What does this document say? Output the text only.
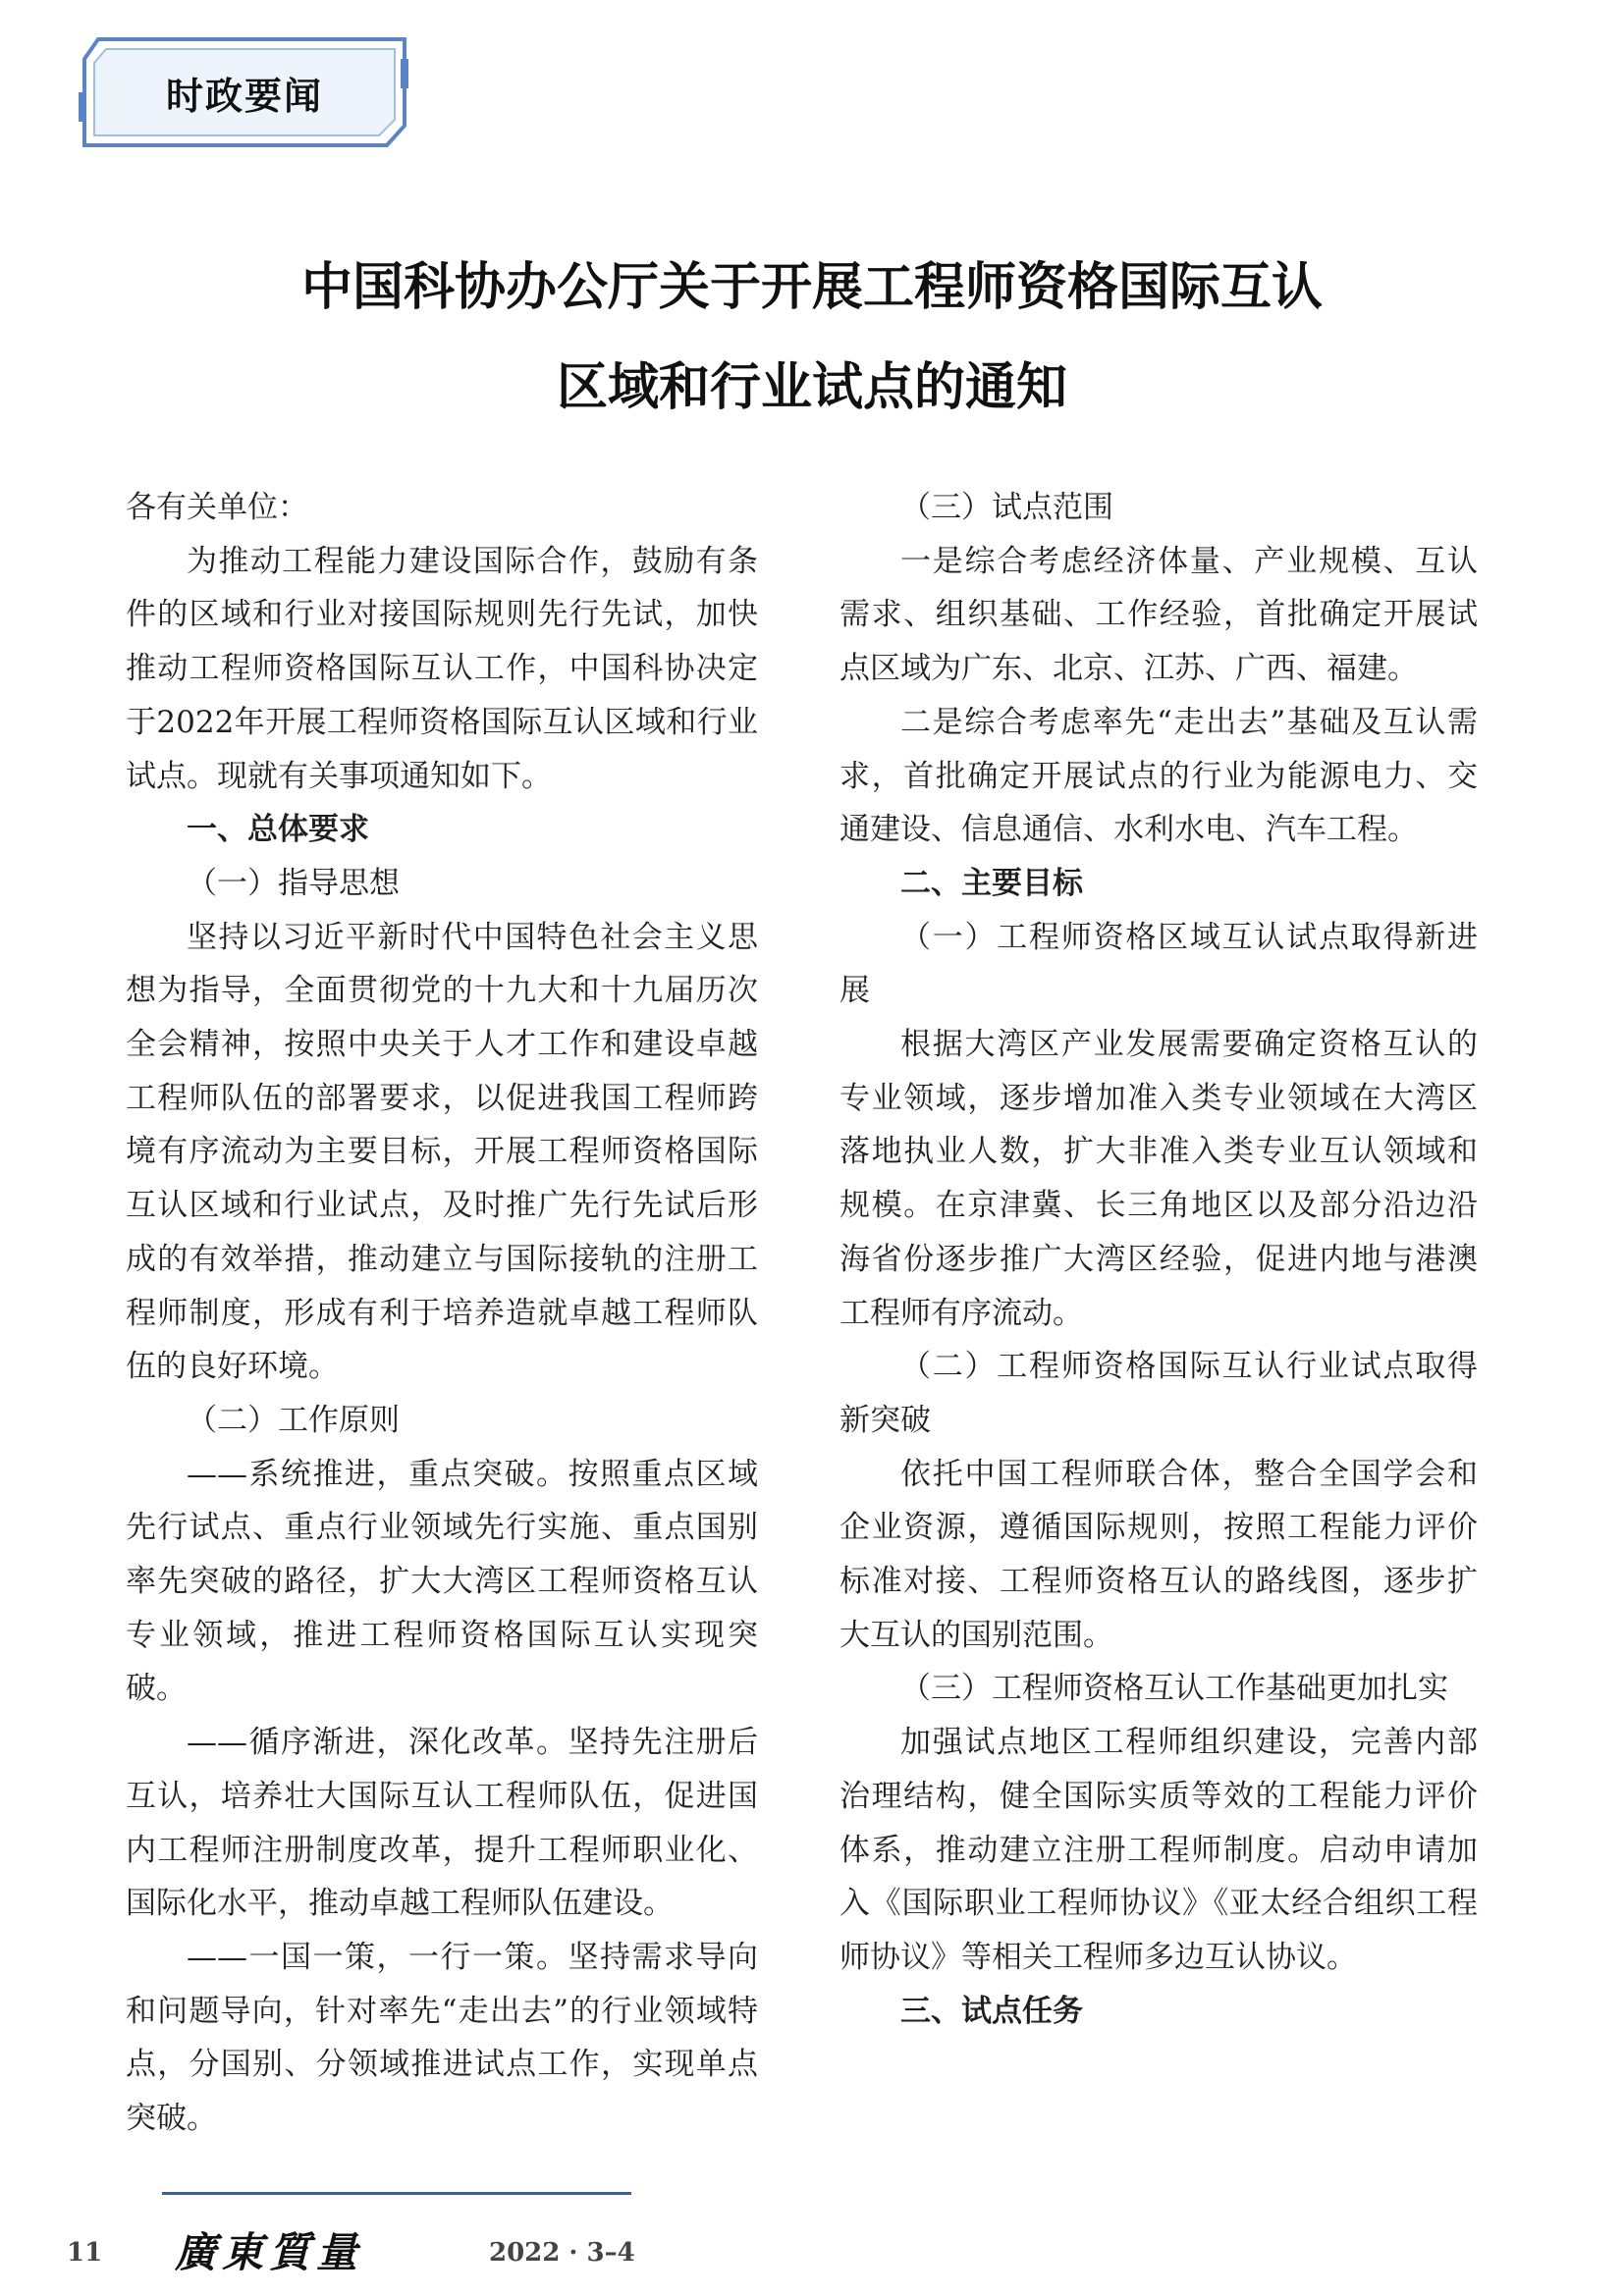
时政要闻
中国科协办公厅关于开展工程师资格国际互认
区域和行业试点的通知

各有关单位：

为推动工程能力建设国际合作，鼓励有条件的区域和行业对接国际规则先行先试，加快推动工程师资格国际互认工作，中国科协决定于2022年开展工程师资格国际互认区域和行业试点。现就有关事项通知如下。

一、总体要求

（一）指导思想

坚持以习近平新时代中国特色社会主义思想为指导，全面贯彻党的十九大和十九届历次全会精神，按照中央关于人才工作和建设卓越工程师队伍的部署要求，以促进我国工程师跨境有序流动为主要目标，开展工程师资格国际互认区域和行业试点，及时推广先行先试后形成的有效举措，推动建立与国际接轨的注册工程师制度，形成有利于培养造就卓越工程师队伍的良好环境。

（二）工作原则

——系统推进，重点突破。按照重点区域先行试点、重点行业领域先行实施、重点国别率先突破的路径，扩大大湾区工程师资格互认专业领域，推进工程师资格国际互认实现突破。

——循序渐进，深化改革。坚持先注册后互认，培养壮大国际互认工程师队伍，促进国内工程师注册制度改革，提升工程师职业化、国际化水平，推动卓越工程师队伍建设。

——一国一策，一行一策。坚持需求导向和问题导向，针对率先“走出去”的行业领域特点，分国别、分领域推进试点工作，实现单点突破。

（三）试点范围

一是综合考虑经济体量、产业规模、互认需求、组织基础、工作经验，首批确定开展试点区域为广东、北京、江苏、广西、福建。

二是综合考虑率先“走出去”基础及互认需求，首批确定开展试点的行业为能源电力、交通建设、信息通信、水利水电、汽车工程。

二、主要目标

（一）工程师资格区域互认试点取得新进展

根据大湾区产业发展需要确定资格互认的专业领域，逐步增加准入类专业领域在大湾区落地执业人数，扩大非准入类专业互认领域和规模。在京津冀、长三角地区以及部分沿边沿海省份逐步推广大湾区经验，促进内地与港澳工程师有序流动。

（二）工程师资格国际互认行业试点取得新突破

依托中国工程师联合体，整合全国学会和企业资源，遵循国际规则，按照工程能力评价标准对接、工程师资格互认的路线图，逐步扩大互认的国别范围。

（三）工程师资格互认工作基础更加扎实

加强试点地区工程师组织建设，完善内部治理结构，健全国际实质等效的工程能力评价体系，推动建立注册工程师制度。启动申请加入《国际职业工程师协议》《亚太经合组织工程师协议》等相关工程师多边互认协议。

三、试点任务

11 廣東質量	2022 · 3–4
